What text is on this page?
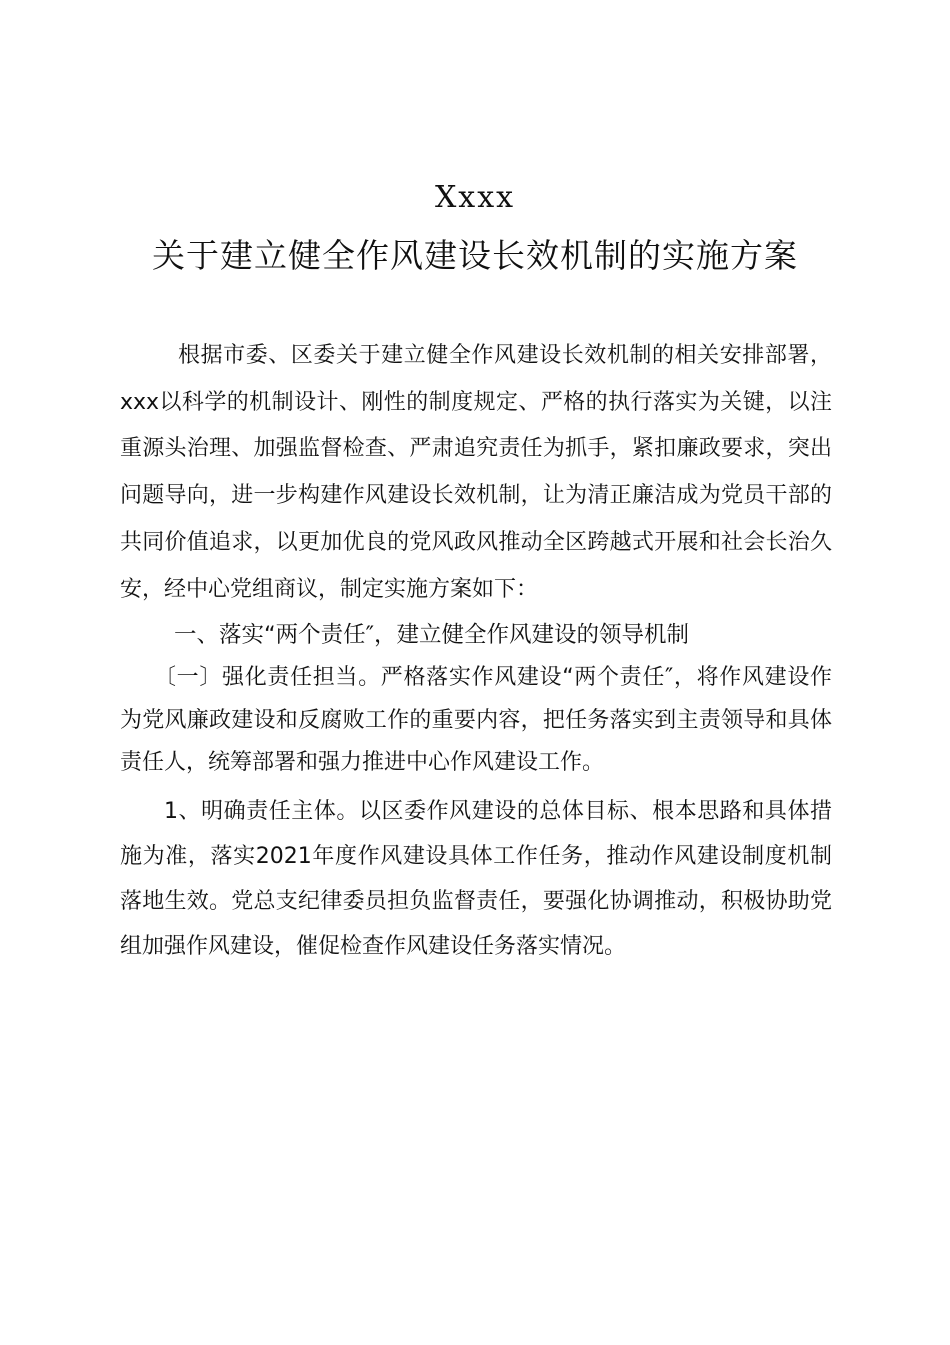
Xxxx
关于建立健全作风建设长效机制的实施方案

根据市委、区委关于建立健全作风建设长效机制的相关安排部署，xxx以科学的机制设计、刚性的制度规定、严格的执行落实为关键，以注重源头治理、加强监督检查、严肃追究责任为抓手，紧扣廉政要求，突出问题导向，进一步构建作风建设长效机制，让为清正廉洁成为党员干部的共同价值追求，以更加优良的党风政风推动全区跨越式开展和社会长治久安，经中心党组商议，制定实施方案如下：

一、落实“两个责任″，建立健全作风建设的领导机制

〔一〕强化责任担当。严格落实作风建设“两个责任″，将作风建设作为党风廉政建设和反腐败工作的重要内容，把任务落实到主责领导和具体责任人，统筹部署和强力推进中心作风建设工作。

1、明确责任主体。以区委作风建设的总体目标、根本思路和具体措施为准，落实2021年度作风建设具体工作任务，推动作风建设制度机制落地生效。党总支纪律委员担负监督责任，要强化协调推动，积极协助党组加强作风建设，催促检查作风建设任务落实情况。
